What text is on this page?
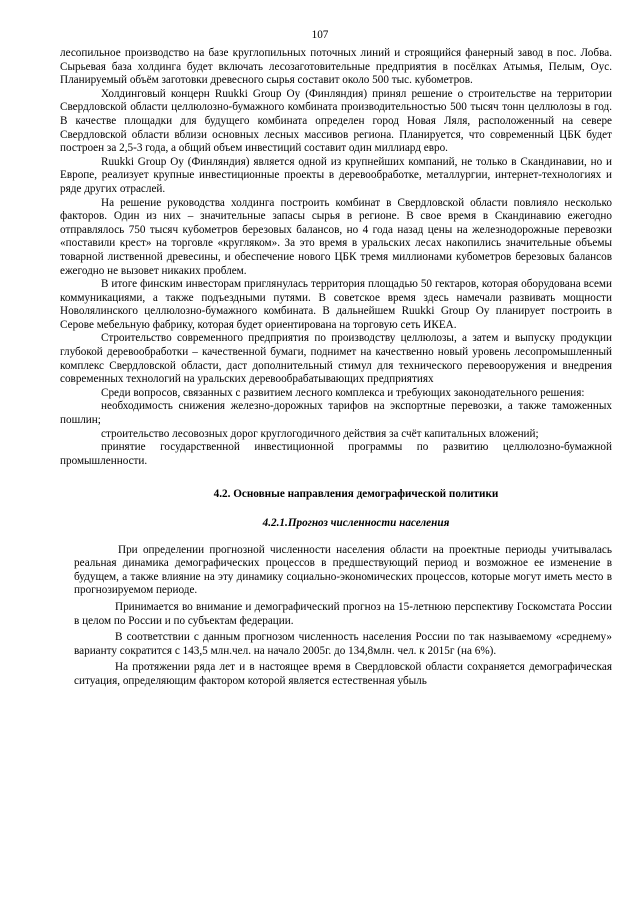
107

лесопильное производство на базе круглопильных поточных линий и строящийся фанерный завод в пос. Лобва. Сырьевая база холдинга будет включать лесозаготовительные предприятия в посёлках Атымья, Пелым, Оус. Планируемый объём заготовки древесного сырья составит около 500 тыс. кубометров.

Холдинговый концерн Ruukki Group Oy (Финляндия) принял решение о строительстве на территории Свердловской области целлюлозно-бумажного комбината производительностью 500 тысяч тонн целлюлозы в год. В качестве площадки для будущего комбината определен город Новая Ляля, расположенный на севере Свердловской области вблизи основных лесных массивов региона. Планируется, что современный ЦБК будет построен за 2,5-3 года, а общий объем инвестиций составит один миллиард евро.

Ruukki Group Oy (Финляндия) является одной из крупнейших компаний, не только в Скандинавии, но и Европе, реализует крупные инвестиционные проекты в деревообработке, металлургии, интернет-технологиях и ряде других отраслей.

На решение руководства холдинга построить комбинат в Свердловской области повлияло несколько факторов. Один из них – значительные запасы сырья в регионе. В свое время в Скандинавию ежегодно отправлялось 750 тысяч кубометров березовых балансов, но 4 года назад цены на железнодорожные перевозки «поставили крест» на торговле «кругляком». За это время в уральских лесах накопились значительные объемы товарной лиственной древесины, и обеспечение нового ЦБК тремя миллионами кубометров березовых балансов ежегодно не вызовет никаких проблем.

В итоге финским инвесторам приглянулась территория площадью 50 гектаров, которая оборудована всеми коммуникациями, а также подъездными путями. В советское время здесь намечали развивать мощности Новолялинского целлюлозно-бумажного комбината. В дальнейшем Ruukki Group Oy планирует построить в Серове мебельную фабрику, которая будет ориентирована на торговую сеть ИКЕА.

Строительство современного предприятия по производству целлюлозы, а затем и выпуску продукции глубокой деревообработки – качественной бумаги, поднимет на качественно новый уровень лесопромышленный комплекс Свердловской области, даст дополнительный стимул для технического перевооружения и внедрения современных технологий на уральских деревообрабатывающих предприятиях

Среди вопросов, связанных с развитием лесного комплекса и требующих законодательного решения:

необходимость снижения железно-дорожных тарифов на экспортные перевозки, а также таможенных пошлин;

строительство лесовозных дорог круглогодичного действия за счёт капитальных вложений;

принятие государственной инвестиционной программы по развитию целлюлозно-бумажной промышленности.

4.2. Основные направления демографической политики
4.2.1.Прогноз численности населения

При определении прогнозной численности населения области на проектные периоды учитывалась реальная динамика демографических процессов в предшествующий период и возможное ее изменение в будущем, а также влияние на эту динамику социально-экономических процессов, которые могут иметь место в прогнозируемом периоде.

Принимается во внимание и демографический прогноз на 15-летнюю перспективу Госкомстата России в целом по России и по субъектам федерации.

В соответствии с данным прогнозом численность населения России по так называемому «среднему» варианту сократится с 143,5 млн.чел. на начало 2005г. до 134,8млн. чел. к 2015г (на 6%).

На протяжении ряда лет и в настоящее время в Свердловской области сохраняется демографическая ситуация, определяющим фактором которой является естественная убыль
